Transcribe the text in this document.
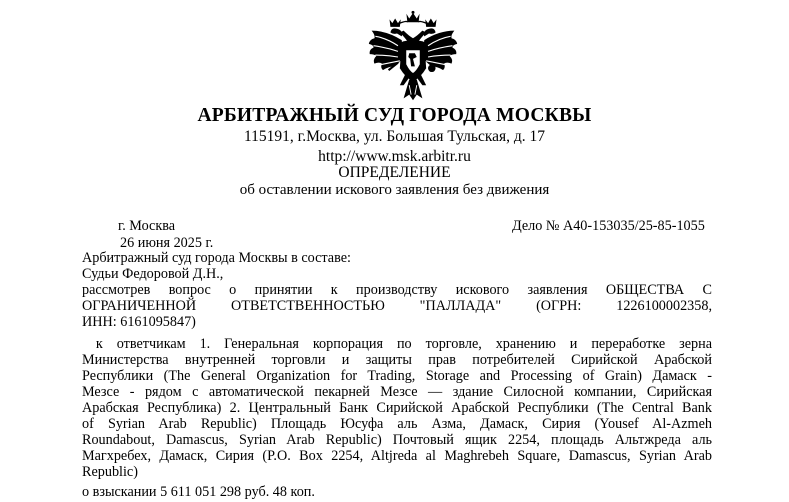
АРБИТРАЖНЫЙ СУД ГОРОДА МОСКВЫ
115191, г.Москва, ул. Большая Тульская, д. 17
http://www.msk.arbitr.ru
ОПРЕДЕЛЕНИЕ
об оставлении искового заявления без движения
г. Москва	Дело № А40-153035/25-85-1055
26 июня 2025 г.
Арбитражный суд города Москвы в составе:
Судьи Федоровой Д.Н.,
рассмотрев вопрос о принятии к производству искового заявления ОБЩЕСТВА С
ОГРАНИЧЕННОЙ ОТВЕТСТВЕННОСТЬЮ "ПАЛЛАДА" (ОГРН: 1226100002358,
ИНН: 6161095847)
к ответчикам 1. Генеральная корпорация по торговле, хранению и переработке зерна
Министерства внутренней торговли и защиты прав потребителей Сирийской Арабской
Республики (The General Organization for Trading, Storage and Processing of Grain) Дамаск -
Мезсе - рядом с автоматической пекарней Мезсе — здание Силосной компании, Сирийская
Арабская Республика) 2. Центральный Банк Сирийской Арабской Республики (The Central Bank
of Syrian Arab Republic) Площадь Юсуфа аль Азма, Дамаск, Сирия (Yousef Al-Azmeh
Roundabout, Damascus, Syrian Arab Republic) Почтовый ящик 2254, площадь Альтжреда аль
Магхребех, Дамаск, Сирия (P.O. Box 2254, Altjreda al Maghrebeh Square, Damascus, Syrian Arab
Republic)
о взыскании 5 611 051 298 руб. 48 коп.
